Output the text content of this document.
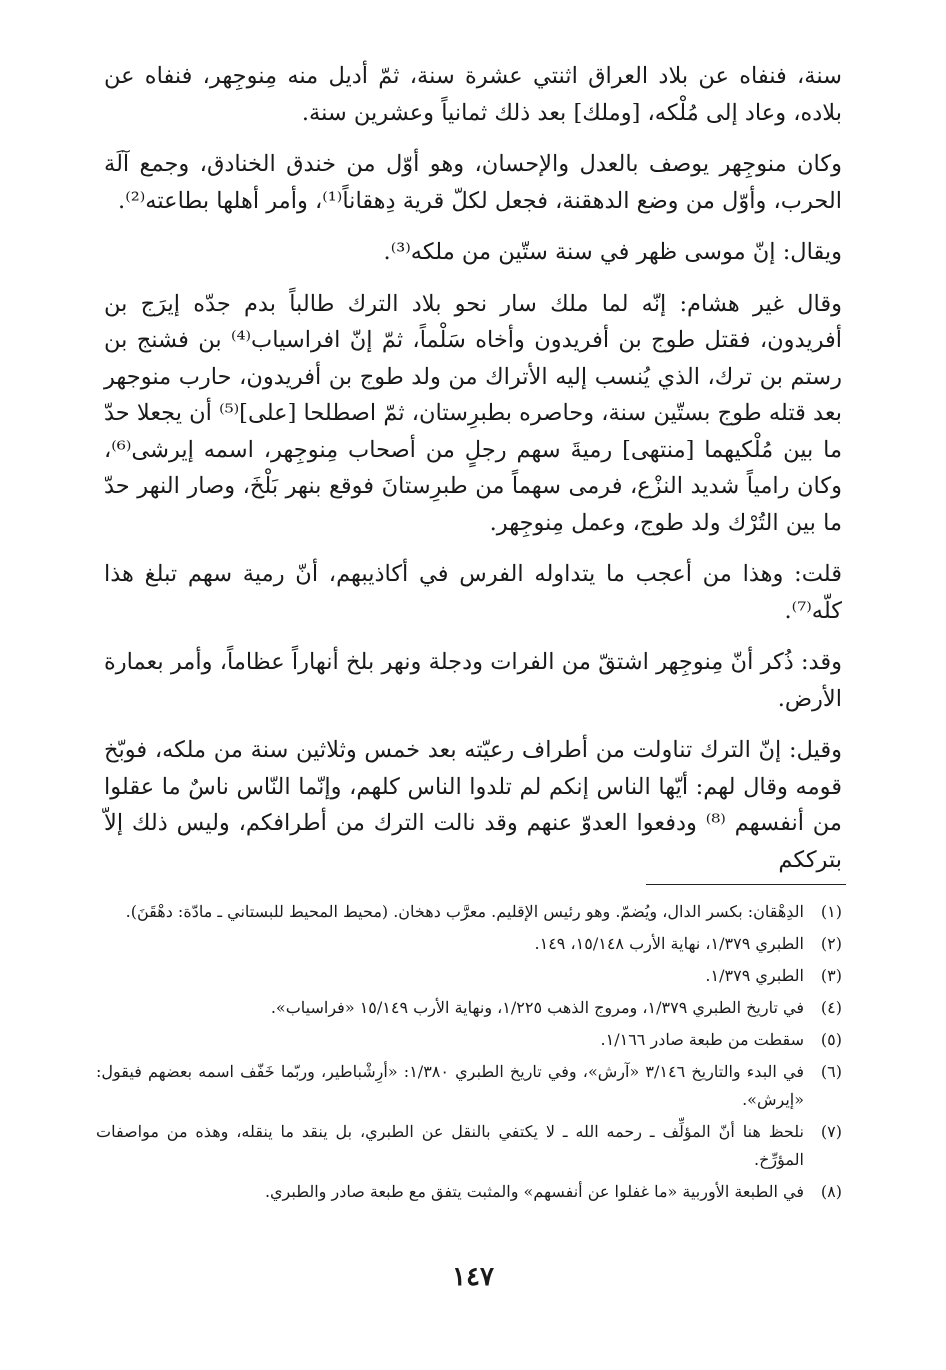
سنة، فنفاه عن بلاد العراق اثنتي عشرة سنة، ثمّ أديل منه مِنوجِهر، فنفاه عن بلاده، وعاد إلى مُلْكه، [وملك] بعد ذلك ثمانياً وعشرين سنة.

وكان منوجِهر يوصف بالعدل والإحسان، وهو أوّل من خندق الخنادق، وجمع آلَة الحرب، وأوّل من وضع الدهقنة، فجعل لكلّ قرية دِهقاناً⁽¹⁾، وأمر أهلها بطاعته⁽²⁾.

ويقال: إنّ موسى ظهر في سنة ستّين من ملكه⁽³⁾.

وقال غير هشام: إنّه لما ملك سار نحو بلاد الترك طالباً بدم جدّه إيرَج بن أفريدون، فقتل طوج بن أفريدون وأخاه سَلْماً، ثمّ إنّ افراسياب⁽⁴⁾ بن فشنج بن رستم بن ترك، الذي يُنسب إليه الأتراك من ولد طوج بن أفريدون، حارب منوجهر بعد قتله طوج بستّين سنة، وحاصره بطبرِستان، ثمّ اصطلحا [على]⁽⁵⁾ أن يجعلا حدّ ما بين مُلْكيهما [منتهى] رميةَ سهم رجلٍ من أصحاب مِنوجِهر، اسمه إيرشى⁽⁶⁾، وكان رامياً شديد النزْع، فرمى سهماً من طبرِستانَ فوقع بنهر بَلْخَ، وصار النهر حدّ ما بين التُرْك ولد طوج، وعمل مِنوجِهر.

قلت: وهذا من أعجب ما يتداوله الفرس في أكاذيبهم، أنّ رمية سهم تبلغ هذا كلّه⁽⁷⁾.

وقد: ذُكر أنّ مِنوجِهر اشتقّ من الفرات ودجلة ونهر بلخ أنهاراً عظاماً، وأمر بعمارة الأرض.

وقيل: إنّ الترك تناولت من أطراف رعيّته بعد خمس وثلاثين سنة من ملكه، فوبّخ قومه وقال لهم: أيّها الناس إنكم لم تلدوا الناس كلهم، وإنّما النّاس ناسٌ ما عقلوا من أنفسهم ⁽⁸⁾ ودفعوا العدوّ عنهم وقد نالت الترك من أطرافكم، وليس ذلك إلاّ بترككم

(١)
الدِهْقان: بكسر الدال، ويُضمّ. وهو رئيس الإقليم. معرَّب دهخان. (محيط المحيط للبستاني ـ مادّة: دهْقَنَ).
(٢)
الطبري ١/٣٧٩، نهاية الأرب ١٥/١٤٨، ١٤٩.
(٣)
الطبري ١/٣٧٩.
(٤)
في تاريخ الطبري ١/٣٧٩، ومروج الذهب ١/٢٢٥، ونهاية الأرب ١٥/١٤٩ «فراسياب».
(٥)
سقطت من طبعة صادر ١/١٦٦.
(٦)
في البدء والتاريخ ٣/١٤٦ «آرش»، وفي تاريخ الطبري ١/٣٨٠: «أرِشْباطير، وربّما خَفّف اسمه بعضهم فيقول: «إيرش».
(٧)
نلحظ هنا أنّ المؤلِّف ـ رحمه الله ـ لا يكتفي بالنقل عن الطبري، بل ينقد ما ينقله، وهذه من مواصفات المؤرِّخ.
(٨)
في الطبعة الأوربية «ما غفلوا عن أنفسهم» والمثبت يتفق مع طبعة صادر والطبري.
١٤٧
